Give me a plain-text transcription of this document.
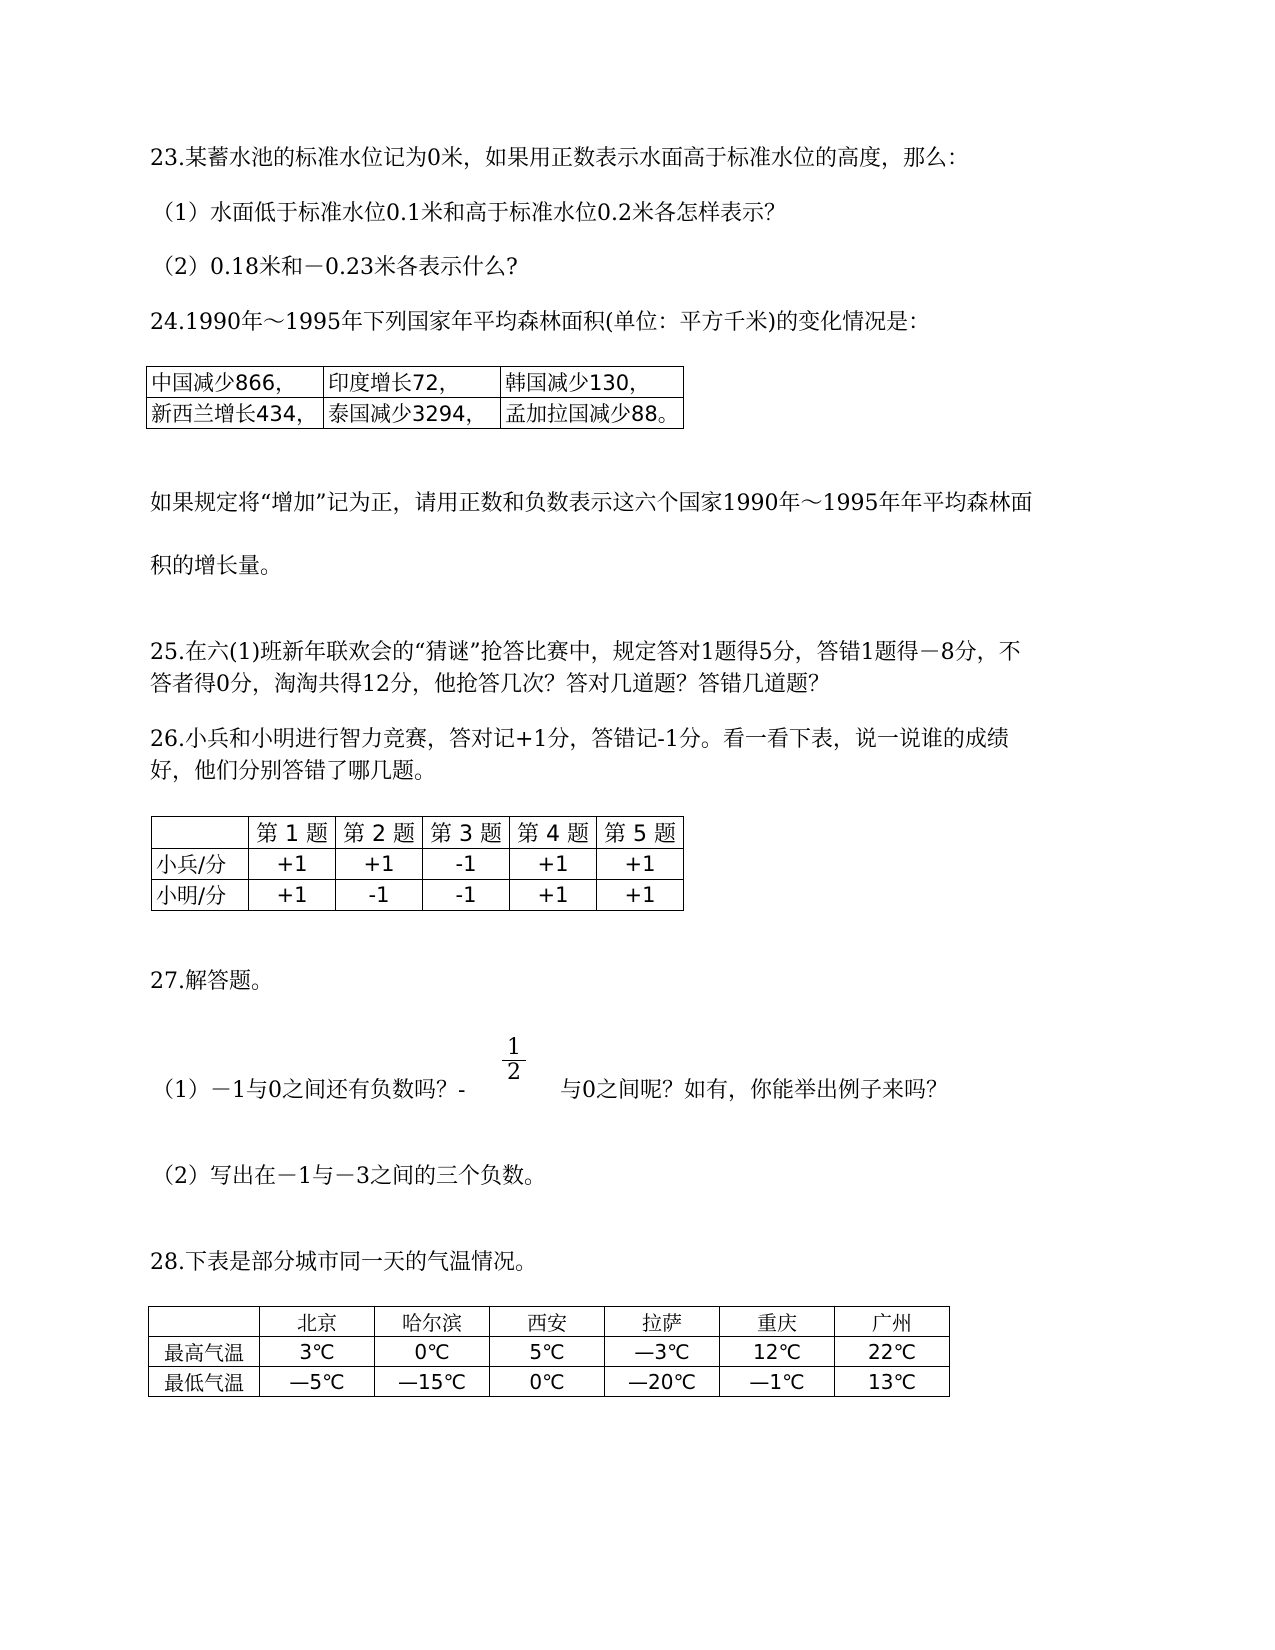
23.某蓄水池的标准水位记为0米，如果用正数表示水面高于标准水位的高度，那么：
（1）水面低于标准水位0.1米和高于标准水位0.2米各怎样表示？
（2）0.18米和－0.23米各表示什么?
24.1990年～1995年下列国家年平均森林面积(单位：平方千米)的变化情况是：
中国减少866，	印度增长72，	韩国减少130，
新西兰增长434，	泰国减少3294，	孟加拉国减少88。
如果规定将“增加”记为正，请用正数和负数表示这六个国家1990年～1995年年平均森林面
积的增长量。
25.在六(1)班新年联欢会的“猜谜”抢答比赛中，规定答对1题得5分，答错1题得－8分，不
答者得0分，淘淘共得12分，他抢答几次？答对几道题？答错几道题？
26.小兵和小明进行智力竞赛，答对记+1分，答错记-1分。看一看下表，说一说谁的成绩
好，他们分别答错了哪几题。
	第 1 题	第 2 题	第 3 题	第 4 题	第 5 题
小兵/分	+1	+1	-1	+1	+1
小明/分	+1	-1	-1	+1	+1
27.解答题。
（1）－1与0之间还有负数吗？-
$\frac{1}{2}$
与0之间呢？如有，你能举出例子来吗？
（2）写出在－1与－3之间的三个负数。
28.下表是部分城市同一天的气温情况。
	北京	哈尔滨	西安	拉萨	重庆	广州
最高气温	3℃	0℃	5℃	—3℃	12℃	22℃
最低气温	—5℃	—15℃	0℃	—20℃	—1℃	13℃
